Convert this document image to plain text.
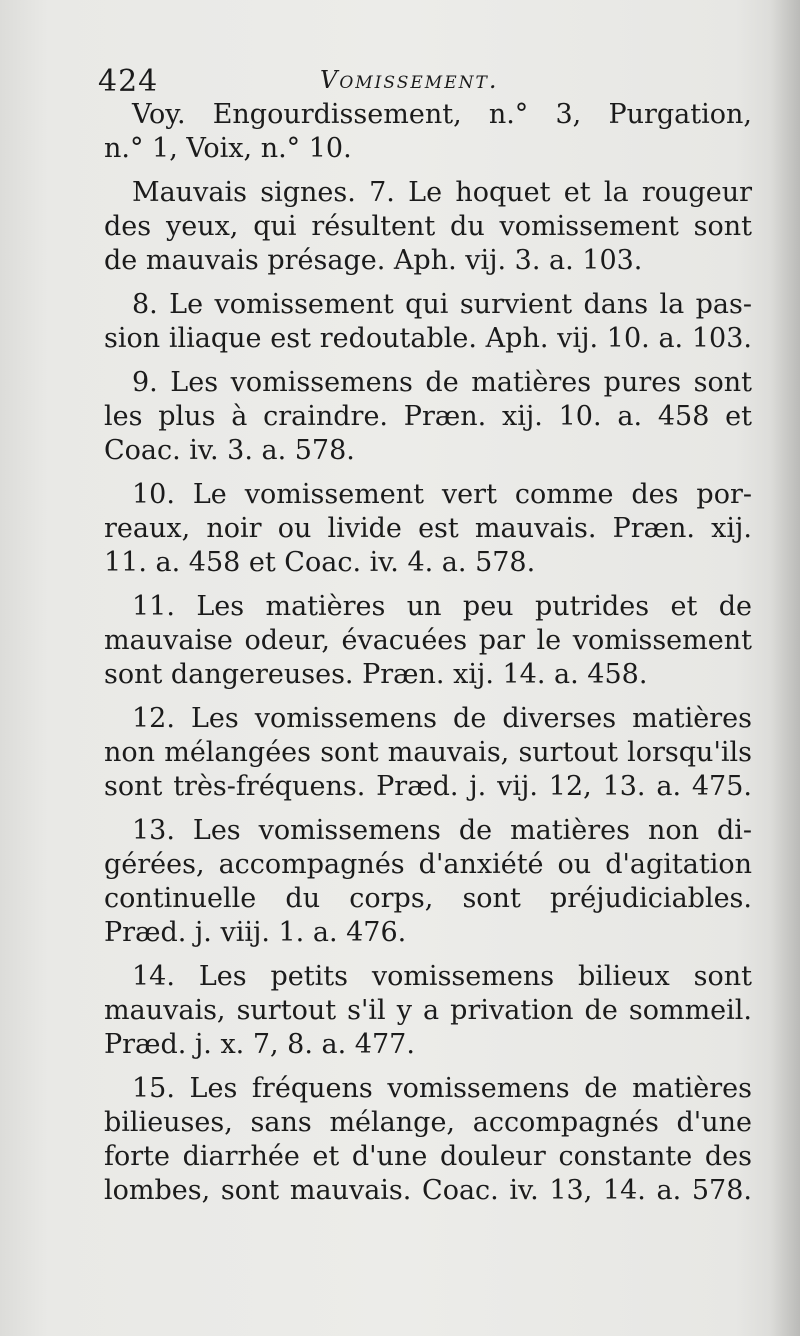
424	Vomissement.
Voy. Engourdissement, n.° 3, Purgation,
n.° 1, Voix, n.° 10.
Mauvais signes. 7. Le hoquet et la rougeur
des yeux, qui résultent du vomissement sont
de mauvais présage. Aph. vij. 3. a. 103.
8. Le vomissement qui survient dans la pas-
sion iliaque est redoutable. Aph. vij. 10. a. 103.
9. Les vomissemens de matières pures sont
les plus à craindre. Præn. xij. 10. a. 458 et
Coac. iv. 3. a. 578.
10. Le vomissement vert comme des por-
reaux, noir ou livide est mauvais. Præn. xij.
11. a. 458 et Coac. iv. 4. a. 578.
11. Les matières un peu putrides et de
mauvaise odeur, évacuées par le vomissement
sont dangereuses. Præn. xij. 14. a. 458.
12. Les vomissemens de diverses matières
non mélangées sont mauvais, surtout lorsqu'ils
sont très-fréquens. Præd. j. vij. 12, 13. a. 475.
13. Les vomissemens de matières non di-
gérées, accompagnés d'anxiété ou d'agitation
continuelle du corps, sont préjudiciables.
Præd. j. viij. 1. a. 476.
14. Les petits vomissemens bilieux sont
mauvais, surtout s'il y a privation de sommeil.
Præd. j. x. 7, 8. a. 477.
15. Les fréquens vomissemens de matières
bilieuses, sans mélange, accompagnés d'une
forte diarrhée et d'une douleur constante des
lombes, sont mauvais. Coac. iv. 13, 14. a. 578.
